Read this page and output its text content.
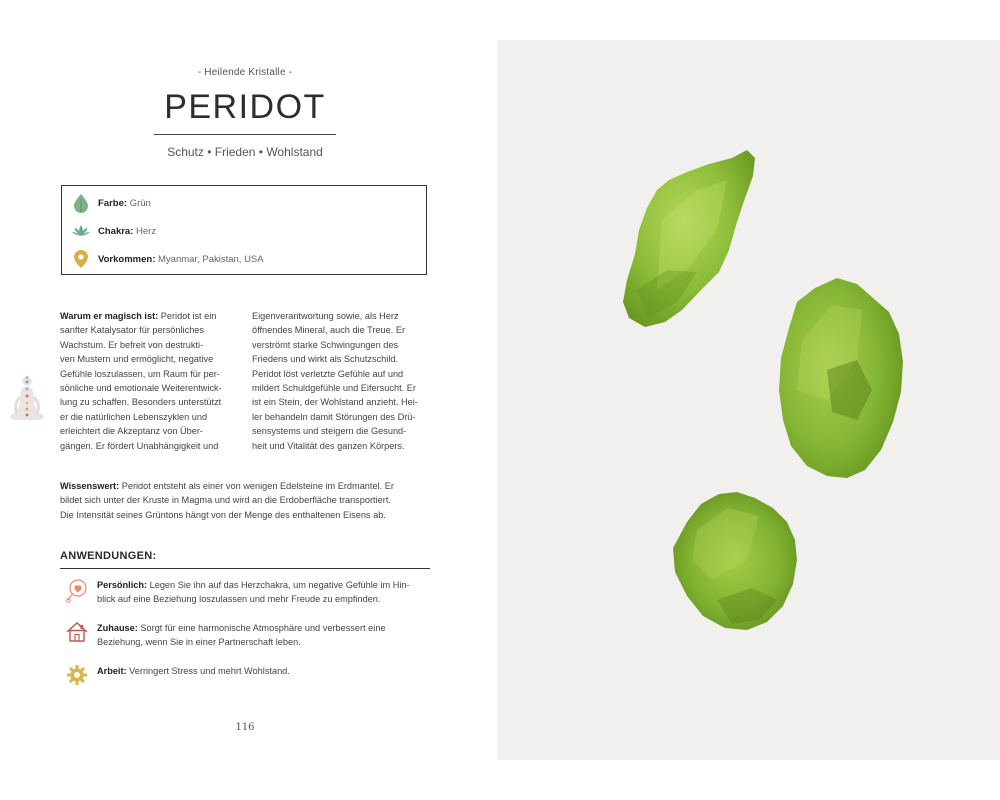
- Heilende Kristalle -
PERIDOT
Schutz • Frieden • Wohlstand
Farbe: Grün
Chakra: Herz
Vorkommen: Myanmar, Pakistan, USA
Warum er magisch ist: Peridot ist ein
sanfter Katalysator für persönliches
Wachstum. Er befreit von destrukti-
ven Mustern und ermöglicht, negative
Gefühle loszulassen, um Raum für per-
sönliche und emotionale Weiterentwick-
lung zu schaffen. Besonders unterstützt
er die natürlichen Lebenszyklen und
erleichtert die Akzeptanz von Über-
gängen. Er fördert Unabhängigkeit und
Eigenverantwortung sowie, als Herz
öffnendes Mineral, auch die Treue. Er
verströmt starke Schwingungen des
Friedens und wirkt als Schutzschild.
Peridot löst verletzte Gefühle auf und
mildert Schuldgefühle und Eifersucht. Er
ist ein Stein, der Wohlstand anzieht. Hei-
ler behandeln damit Störungen des Drü-
sensystems und steigern die Gesund-
heit und Vitalität des ganzen Körpers.
Wissenswert: Peridot entsteht als einer von wenigen Edelsteine im Erdmantel. Er
bildet sich unter der Kruste in Magma und wird an die Erdoberfläche transportiert.
Die Intensität seines Grüntons hängt von der Menge des enthaltenen Eisens ab.
ANWENDUNGEN:
Persönlich: Legen Sie ihn auf das Herzchakra, um negative Gefühle im Hin-
blick auf eine Beziehung loszulassen und mehr Freude zu empfinden.
Zuhause: Sorgt für eine harmonische Atmosphäre und verbessert eine
Beziehung, wenn Sie in einer Partnerschaft leben.
Arbeit: Verringert Stress und mehrt Wohlstand.
116
